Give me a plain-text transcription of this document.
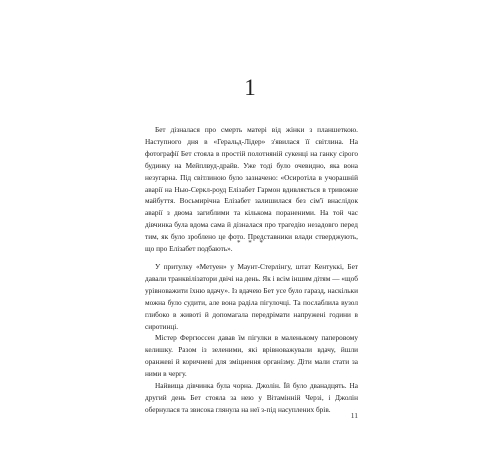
1

Бет дізналася про смерть матері від жінки з планшеткою. Наступного дня в «Геральд-Лідер» з'явилася її світлина. На фотографії Бет стояла в простій полотняній сукенці на ганку сірого будинку на Мейплвуд-драйв. Уже тоді було очевидно, яка вона незугарна. Під світлиною було зазначено: «Осиротіла в учорашній аварії на Нью-Серкл-роуд Елізабет Гармон вдивляється в тривожне майбуття. Восьмирічна Елізабет залишилася без сім'ї внаслідок аварії з двома загиблими та кількома пораненими. На той час дівчинка була вдома сама й дізналася про трагедію незадовго перед тим, як було зроблено це фото. Представники влади стверджують, що про Елізабет подбають».

* * *

У притулку «Метуен» у Маунт-Стерлінгу, штат Кентуккі, Бет давали транквілізатори двічі на день. Як і всім іншим дітям — «щоб урівноважити їхню вдачу». Із вдачею Бет усе було гаразд, наскільки можна було судити, але вона раділа пігулочці. Та послаблила вузол глибоко в животі й допомагала передрімати напружені години в сиротинці.

Містер Фергюссен давав їм пігулки в маленькому паперовому келишку. Разом із зеленими, які врівноважували вдачу, йшли оранжеві й коричневі для зміцнення організму. Діти мали стати за ними в чергу.

Найвища дівчинка була чорна. Джолін. Їй було дванадцять. На другий день Бет стояла за нею у Вітамінній Черзі, і Джолін обернулася та звисока глянула на неї з-під насуплених брів.

11
